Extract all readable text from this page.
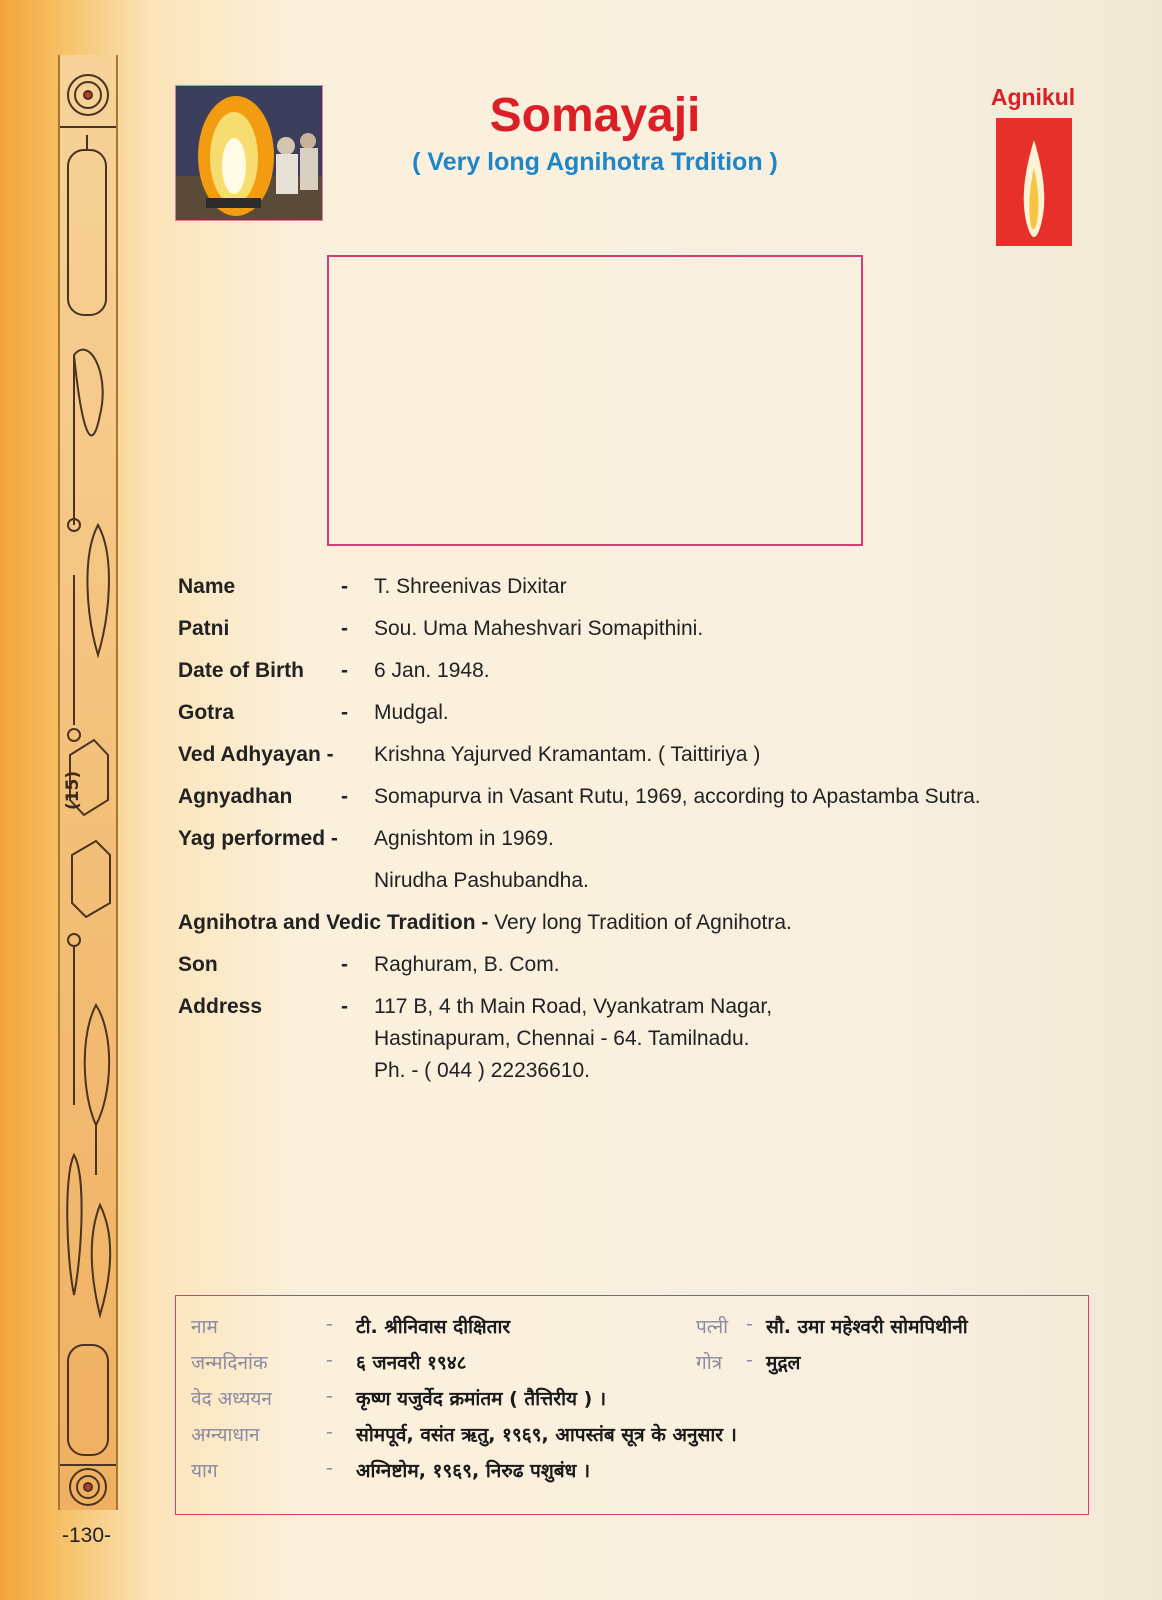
(15)
Somayaji
( Very long Agnihotra Trdition )
Agnikul
Name	- T. Shreenivas Dixitar
Patni	- Sou. Uma Maheshvari Somapithini.
Date of Birth - 6 Jan. 1948.
Gotra	- Mudgal.
Ved Adhyayan - Krishna Yajurved Kramantam. ( Taittiriya )
Agnyadhan - Somapurva in Vasant Rutu, 1969, according to Apastamba Sutra.
Yag performed - Agnishtom in 1969.
Nirudha Pashubandha.
Agnihotra and Vedic Tradition - Very long Tradition of Agnihotra.
Son	- Raghuram, B. Com.
Address	- 117 B, 4 th Main Road, Vyankatram Nagar,
Hastinapuram, Chennai - 64. Tamilnadu.
Ph. - ( 044 ) 22236610.
नाम	- टी. श्रीनिवास दीक्षितार	पत्नी - सौ. उमा महेश्वरी सोमपिथीनी
जन्मदिनांक	- ६ जनवरी १९४८	गोत्र - मुद्गल
वेद अध्ययन	- कृष्ण यजुर्वेद क्रमांतम ( तैत्तिरीय ) ।
अग्न्याधान	- सोमपूर्व, वसंत ऋतु, १९६९, आपस्तंब सूत्र के अनुसार ।
याग	- अग्निष्टोम, १९६९, निरुढ पशुबंध ।
-130-
